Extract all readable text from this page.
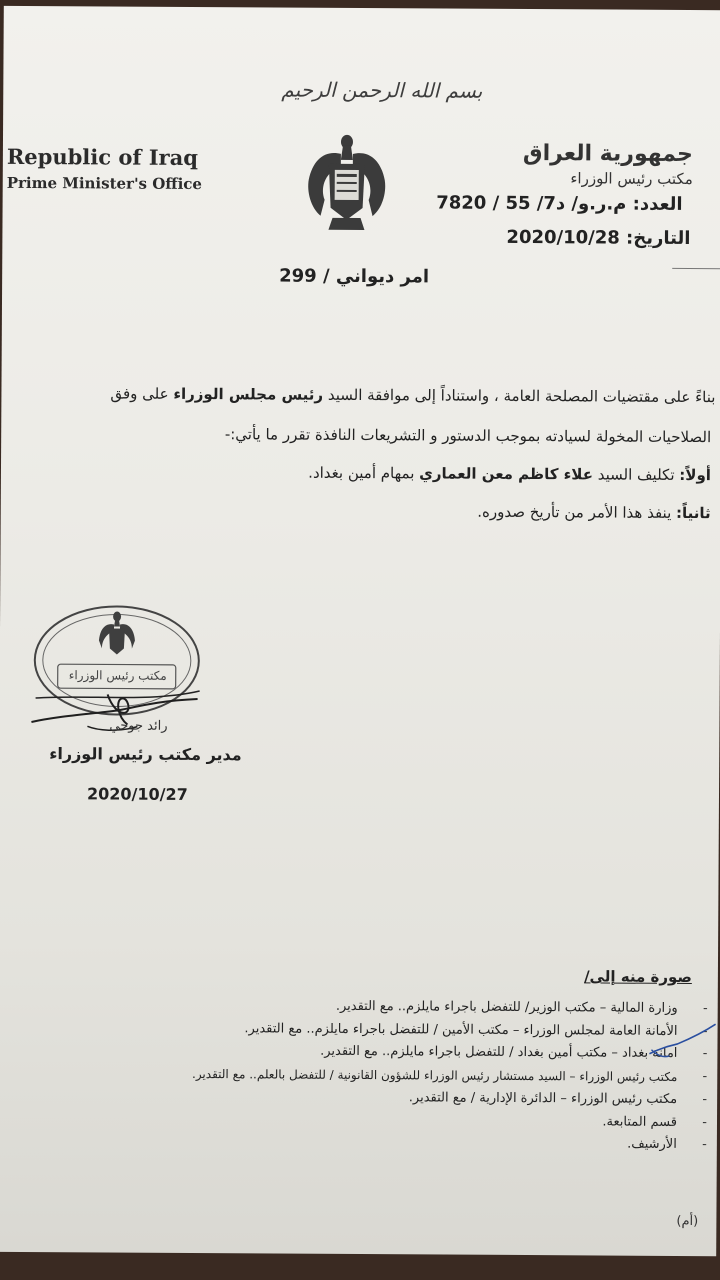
بسم الله الرحمن الرحيم
Republic of Iraq
Prime Minister's Office
جمهورية العراق
مكتب رئيس الوزراء
العدد: م.ر.و/ د7/ 55 / 7820
التاريخ: 2020/10/28
امر ديواني / 299
بناءً على مقتضيات المصلحة العامة ، واستناداً إلى موافقة السيد رئيس مجلس الوزراء على وفق
الصلاحيات المخولة لسيادته بموجب الدستور و التشريعات النافذة تقرر ما يأتي:-
أولاً: تكليف السيد علاء كاظم معن العماري بمهام أمين بغداد.
ثانياً: ينفذ هذا الأمر من تأريخ صدوره.
مكتب رئيس الوزراء
رائد جوحي
مدير مكتب رئيس الوزراء
2020/10/27
صورة منه إلى/
-
وزارة المالية – مكتب الوزير/ للتفضل باجراء مايلزم.. مع التقدير.
-
الأمانة العامة لمجلس الوزراء – مكتب الأمين / للتفضل باجراء مايلزم.. مع التقدير.
-
امانة بغداد – مكتب أمين بغداد / للتفضل باجراء مايلزم.. مع التقدير.
-
مكتب رئيس الوزراء – السيد مستشار رئيس الوزراء للشؤون القانونية / للتفضل بالعلم.. مع التقدير.
-
مكتب رئيس الوزراء – الدائرة الإدارية / مع التقدير.
-
قسم المتابعة.
-
الأرشيف.
(أم)
